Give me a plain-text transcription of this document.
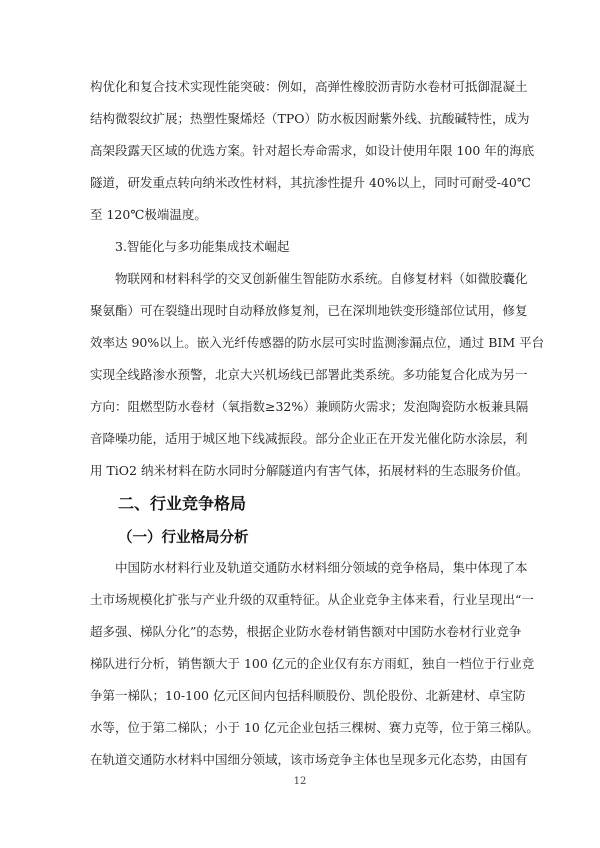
构优化和复合技术实现性能突破：例如，高弹性橡胶沥青防水卷材可抵御混凝土
结构微裂纹扩展；热塑性聚烯烃（TPO）防水板因耐紫外线、抗酸碱特性，成为
高架段露天区域的优选方案。针对超长寿命需求，如设计使用年限 100 年的海底
隧道，研发重点转向纳米改性材料，其抗渗性提升 40%以上，同时可耐受-40℃
至 120℃极端温度。
3.智能化与多功能集成技术崛起
物联网和材料科学的交叉创新催生智能防水系统。自修复材料（如微胶囊化
聚氨酯）可在裂缝出现时自动释放修复剂，已在深圳地铁变形缝部位试用，修复
效率达 90%以上。嵌入光纤传感器的防水层可实时监测渗漏点位，通过 BIM 平台
实现全线路渗水预警，北京大兴机场线已部署此类系统。多功能复合化成为另一
方向：阻燃型防水卷材（氧指数≥32%）兼顾防火需求；发泡陶瓷防水板兼具隔
音降噪功能，适用于城区地下线减振段。部分企业正在开发光催化防水涂层，利
用 TiO2 纳米材料在防水同时分解隧道内有害气体，拓展材料的生态服务价值。
二、行业竞争格局
（一）行业格局分析
中国防水材料行业及轨道交通防水材料细分领域的竞争格局，集中体现了本
土市场规模化扩张与产业升级的双重特征。从企业竞争主体来看，行业呈现出“一
超多强、梯队分化”的态势，根据企业防水卷材销售额对中国防水卷材行业竞争
梯队进行分析，销售额大于 100 亿元的企业仅有东方雨虹，独自一档位于行业竞
争第一梯队；10-100 亿元区间内包括科顺股份、凯伦股份、北新建材、卓宝防
水等，位于第二梯队；小于 10 亿元企业包括三棵树、赛力克等，位于第三梯队。
在轨道交通防水材料中国细分领域，该市场竞争主体也呈现多元化态势，由国有
12
